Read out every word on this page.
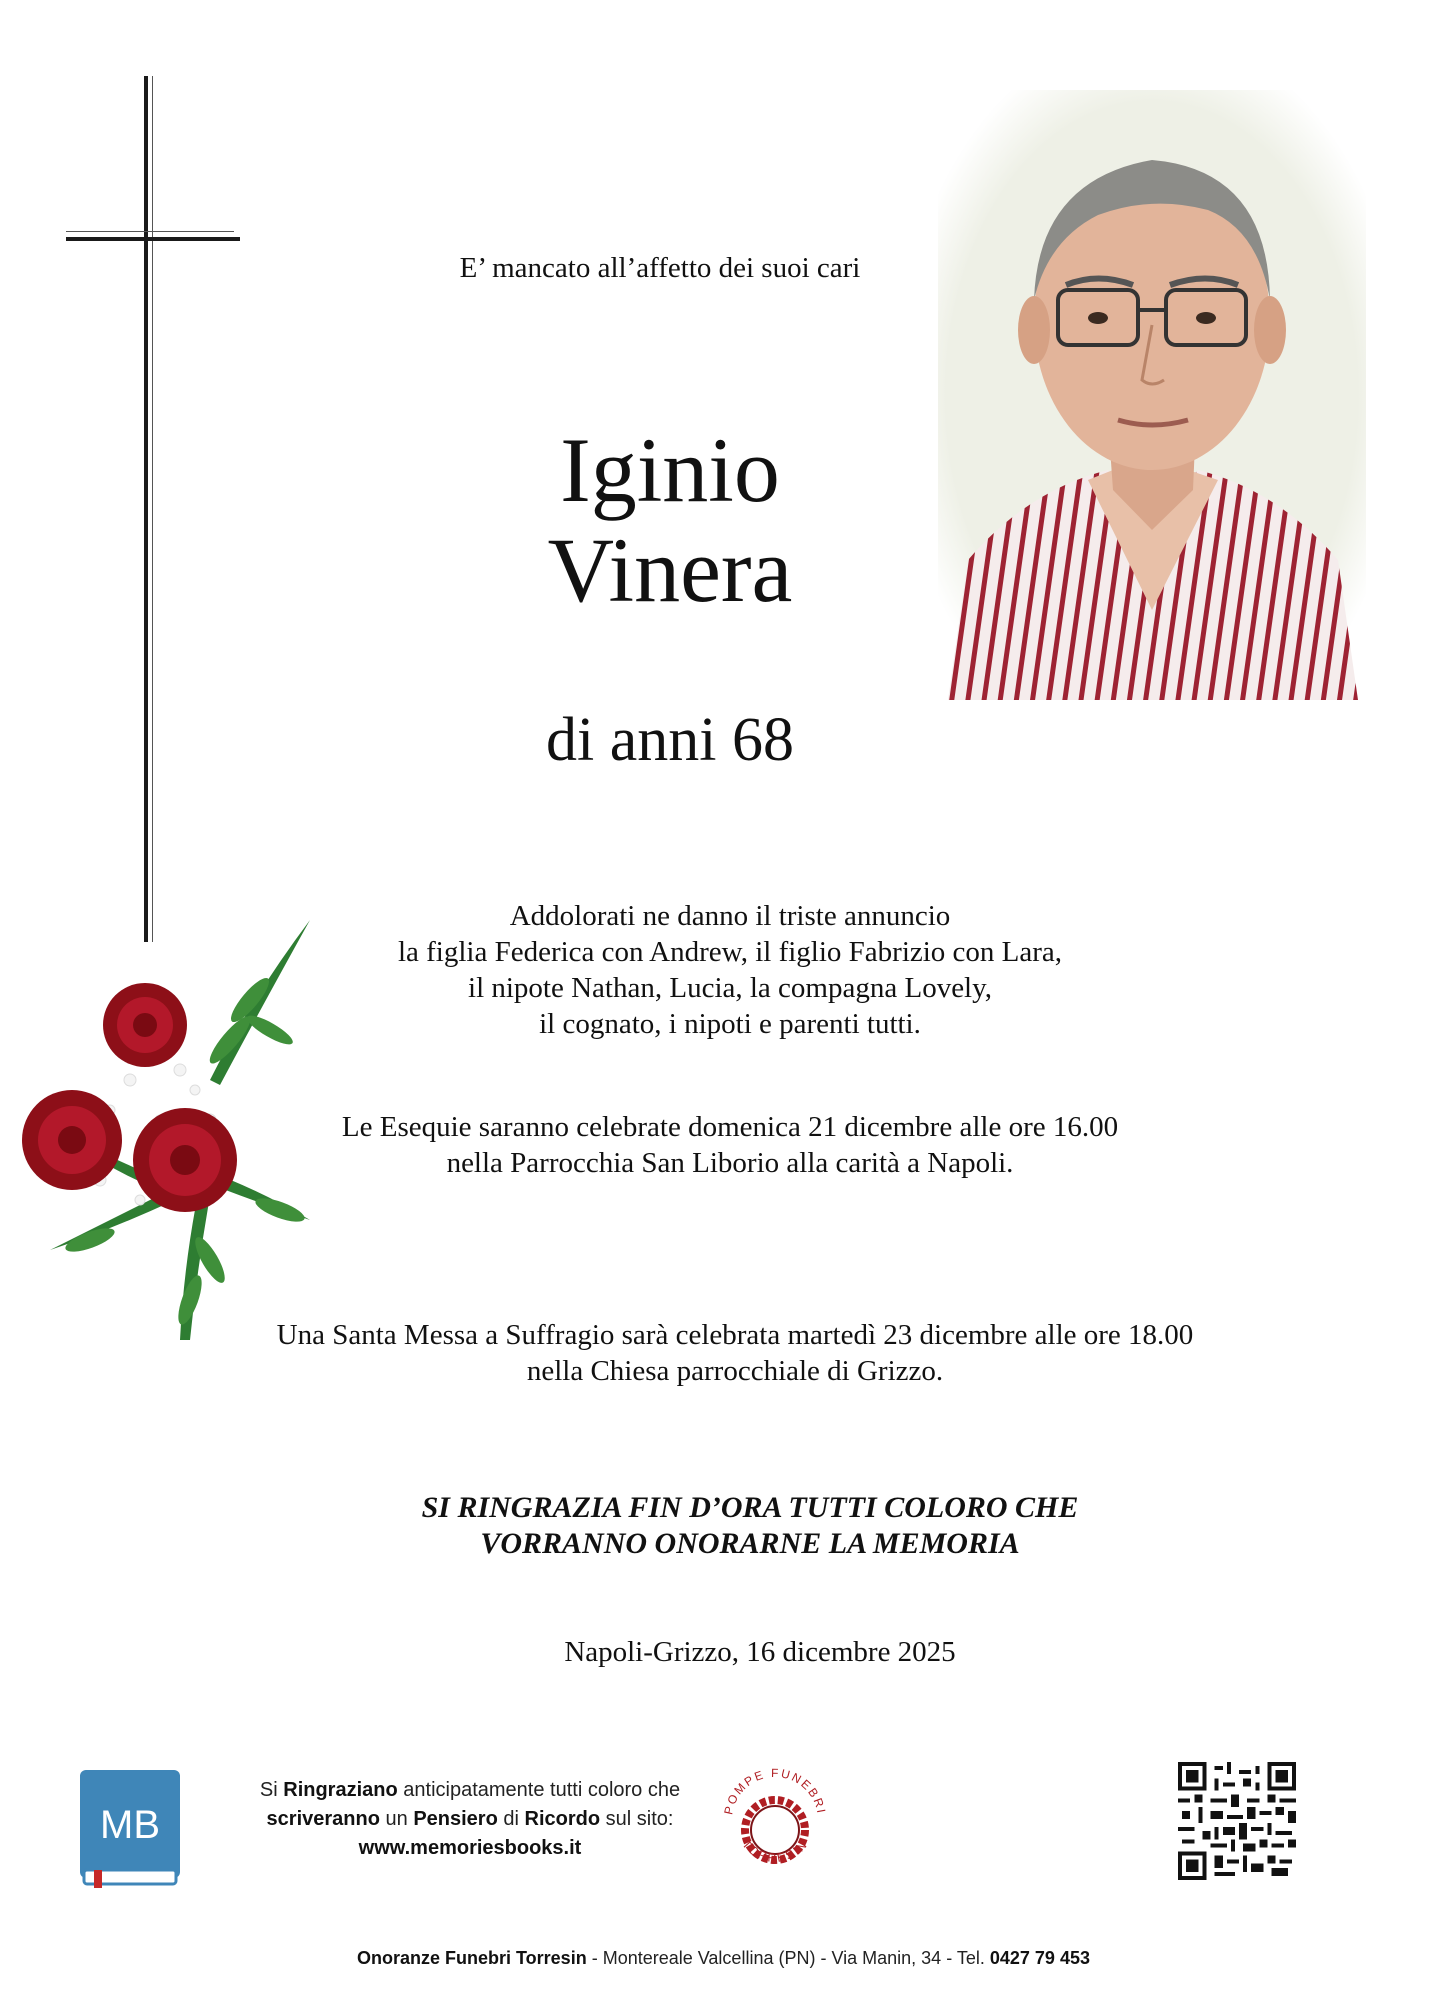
E’ mancato all’affetto dei suoi cari
Iginio
Vinera
di anni 68
Addolorati ne danno il triste annuncio
la figlia Federica con Andrew, il figlio Fabrizio con Lara,
il nipote Nathan, Lucia, la compagna Lovely,
il cognato, i nipoti e parenti tutti.
Le Esequie saranno celebrate domenica 21 dicembre alle ore 16.00
nella Parrocchia San Liborio alla carità a Napoli.
Una Santa Messa a Suffragio sarà celebrata martedì 23 dicembre alle ore 18.00
nella Chiesa parrocchiale di Grizzo.
SI RINGRAZIA FIN D’ORA TUTTI COLORO CHE
VORRANNO ONORARNE LA MEMORIA
Napoli-Grizzo, 16 dicembre 2025
MB
Si Ringraziano anticipatamente tutti coloro che
scriveranno un Pensiero di Ricordo sul sito:
www.memoriesbooks.it
POMPE FUNEBRI
TORRESIN
Onoranze Funebri Torresin - Montereale Valcellina (PN) - Via Manin, 34 - Tel. 0427 79 453
